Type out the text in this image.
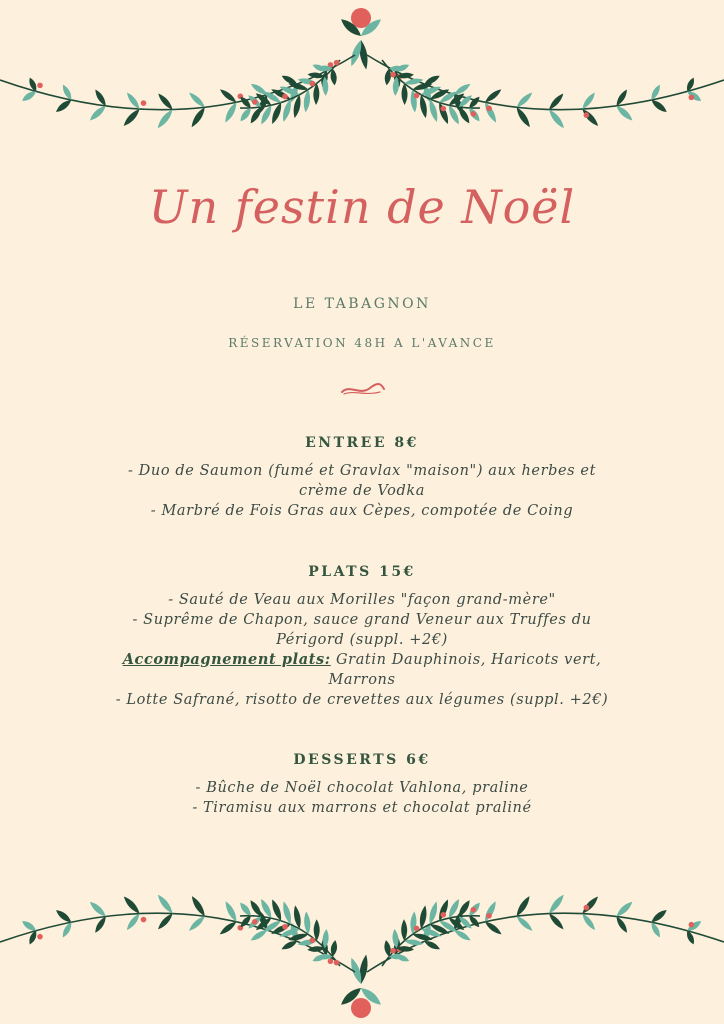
Un festin de Noël
LE TABAGNON
RÉSERVATION 48H A L'AVANCE
ENTREE 8€
- Duo de Saumon (fumé et Gravlax "maison") aux herbes et
crème de Vodka
- Marbré de Fois Gras aux Cèpes, compotée de Coing
PLATS 15€
- Sauté de Veau aux Morilles "façon grand-mère"
- Suprême de Chapon, sauce grand Veneur aux Truffes du
Périgord (suppl. +2€)
Accompagnement plats: Gratin Dauphinois, Haricots vert,
Marrons
- Lotte Safrané, risotto de crevettes aux légumes (suppl. +2€)
DESSERTS 6€
- Bûche de Noël chocolat Vahlona, praline
- Tiramisu aux marrons et chocolat praliné
